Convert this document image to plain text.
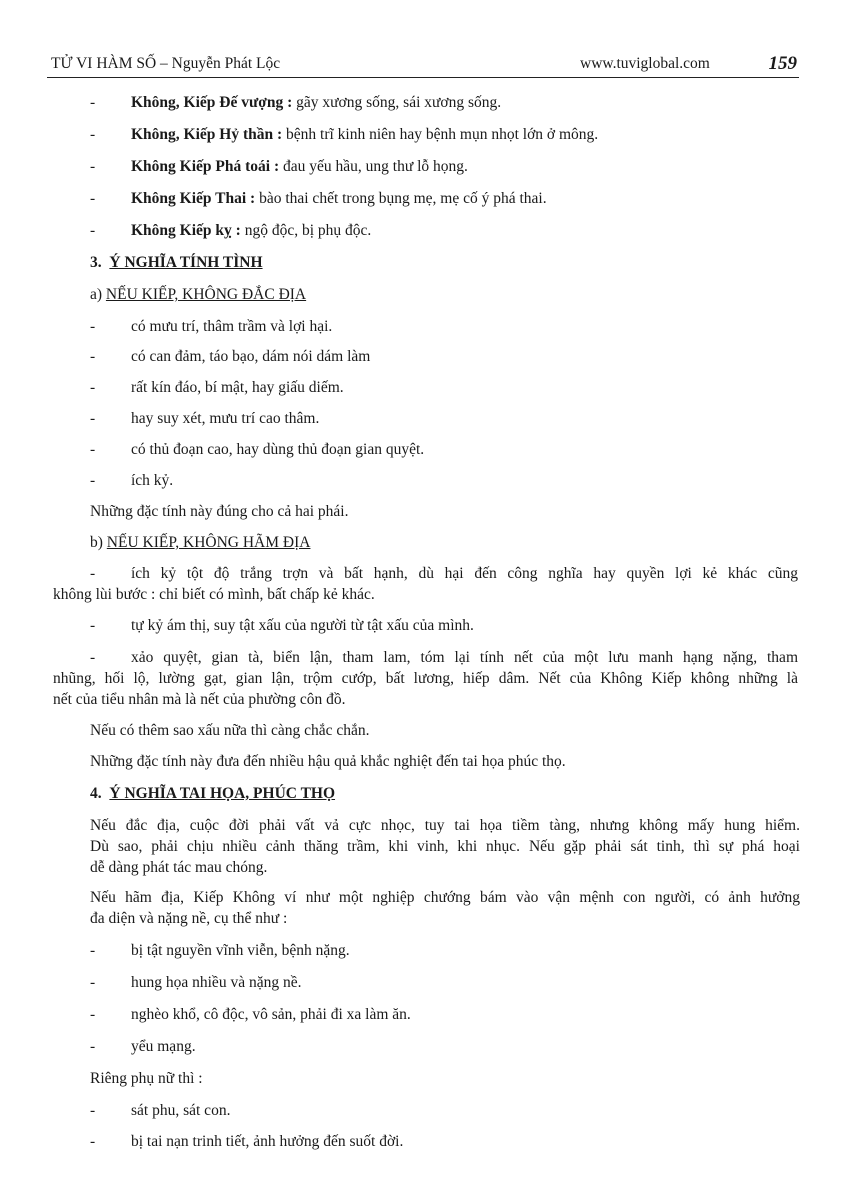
TỬ VI HÀM SỐ – Nguyễn Phát Lộc	www.tuviglobal.com	159
- Không, Kiếp Đế vượng : gãy xương sống, sái xương sống.
- Không, Kiếp Hỷ thần : bệnh trĩ kinh niên hay bệnh mụn nhọt lớn ở mông.
- Không Kiếp Phá toái : đau yếu hầu, ung thư lỗ họng.
- Không Kiếp Thai : bào thai chết trong bụng mẹ, mẹ cố ý phá thai.
- Không Kiếp kỵ : ngộ độc, bị phụ độc.
3. Ý NGHĨA TÍNH TÌNH
a) NẾU KIẾP, KHÔNG ĐẮC ĐỊA
- có mưu trí, thâm trầm và lợi hại.
- có can đảm, táo bạo, dám nói dám làm
- rất kín đáo, bí mật, hay giấu diếm.
- hay suy xét, mưu trí cao thâm.
- có thủ đoạn cao, hay dùng thủ đoạn gian quyệt.
- ích kỷ.
Những đặc tính này đúng cho cả hai phái.
b) NẾU KIẾP, KHÔNG HÃM ĐỊA
- ích kỷ tột độ trắng trợn và bất hạnh, dù hại đến công nghĩa hay quyền lợi kẻ khác cũng
không lùi bước : chỉ biết có mình, bất chấp kẻ khác.
- tự kỷ ám thị, suy tật xấu của người từ tật xấu của mình.
- xảo quyệt, gian tà, biển lận, tham lam, tóm lại tính nết của một lưu manh hạng nặng, tham
nhũng, hối lộ, lường gạt, gian lận, trộm cướp, bất lương, hiếp dâm. Nết của Không Kiếp không những là
nết của tiểu nhân mà là nết của phường côn đồ.
Nếu có thêm sao xấu nữa thì càng chắc chắn.
Những đặc tính này đưa đến nhiều hậu quả khắc nghiệt đến tai họa phúc thọ.
4. Ý NGHĨA TAI HỌA, PHÚC THỌ
Nếu đắc địa, cuộc đời phải vất vả cực nhọc, tuy tai họa tiềm tàng, nhưng không mấy hung hiểm.
Dù sao, phải chịu nhiều cảnh thăng trầm, khi vinh, khi nhục. Nếu gặp phải sát tinh, thì sự phá hoại
dễ dàng phát tác mau chóng.
Nếu hãm địa, Kiếp Không ví như một nghiệp chướng bám vào vận mệnh con người, có ảnh hưởng
đa diện và nặng nề, cụ thể như :
- bị tật nguyền vĩnh viễn, bệnh nặng.
- hung họa nhiều và nặng nề.
- nghèo khổ, cô độc, vô sản, phải đi xa làm ăn.
- yểu mạng.
Riêng phụ nữ thì :
- sát phu, sát con.
- bị tai nạn trinh tiết, ảnh hưởng đến suốt đời.
